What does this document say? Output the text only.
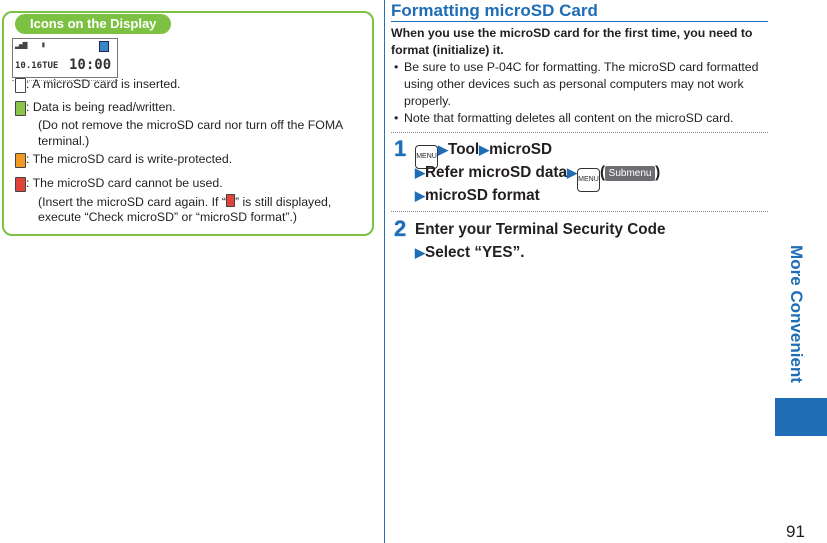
Icons on the Display
▂▄▆ ▮
10.16TUE 10:00
: A microSD card is inserted.
: Data is being read/written.
(Do not remove the microSD card nor turn off the FOMA
terminal.)
: The microSD card is write-protected.
: The microSD card cannot be used.
(Insert the microSD card again. If “ ” is still displayed,
execute “Check microSD” or “microSD format”.)
Formatting microSD Card
When you use the microSD card for the first time, you need to format (initialize) it.
• Be sure to use P-04C for formatting. The microSD card formatted using other devices such as personal computers may not work properly.
• Note that formatting deletes all content on the microSD card.
1 MENU▶Tool▶microSD
▶Refer microSD data▶MENU( Submenu )
▶microSD format
2 Enter your Terminal Security Code
▶Select “YES”.	More Convenient
91
